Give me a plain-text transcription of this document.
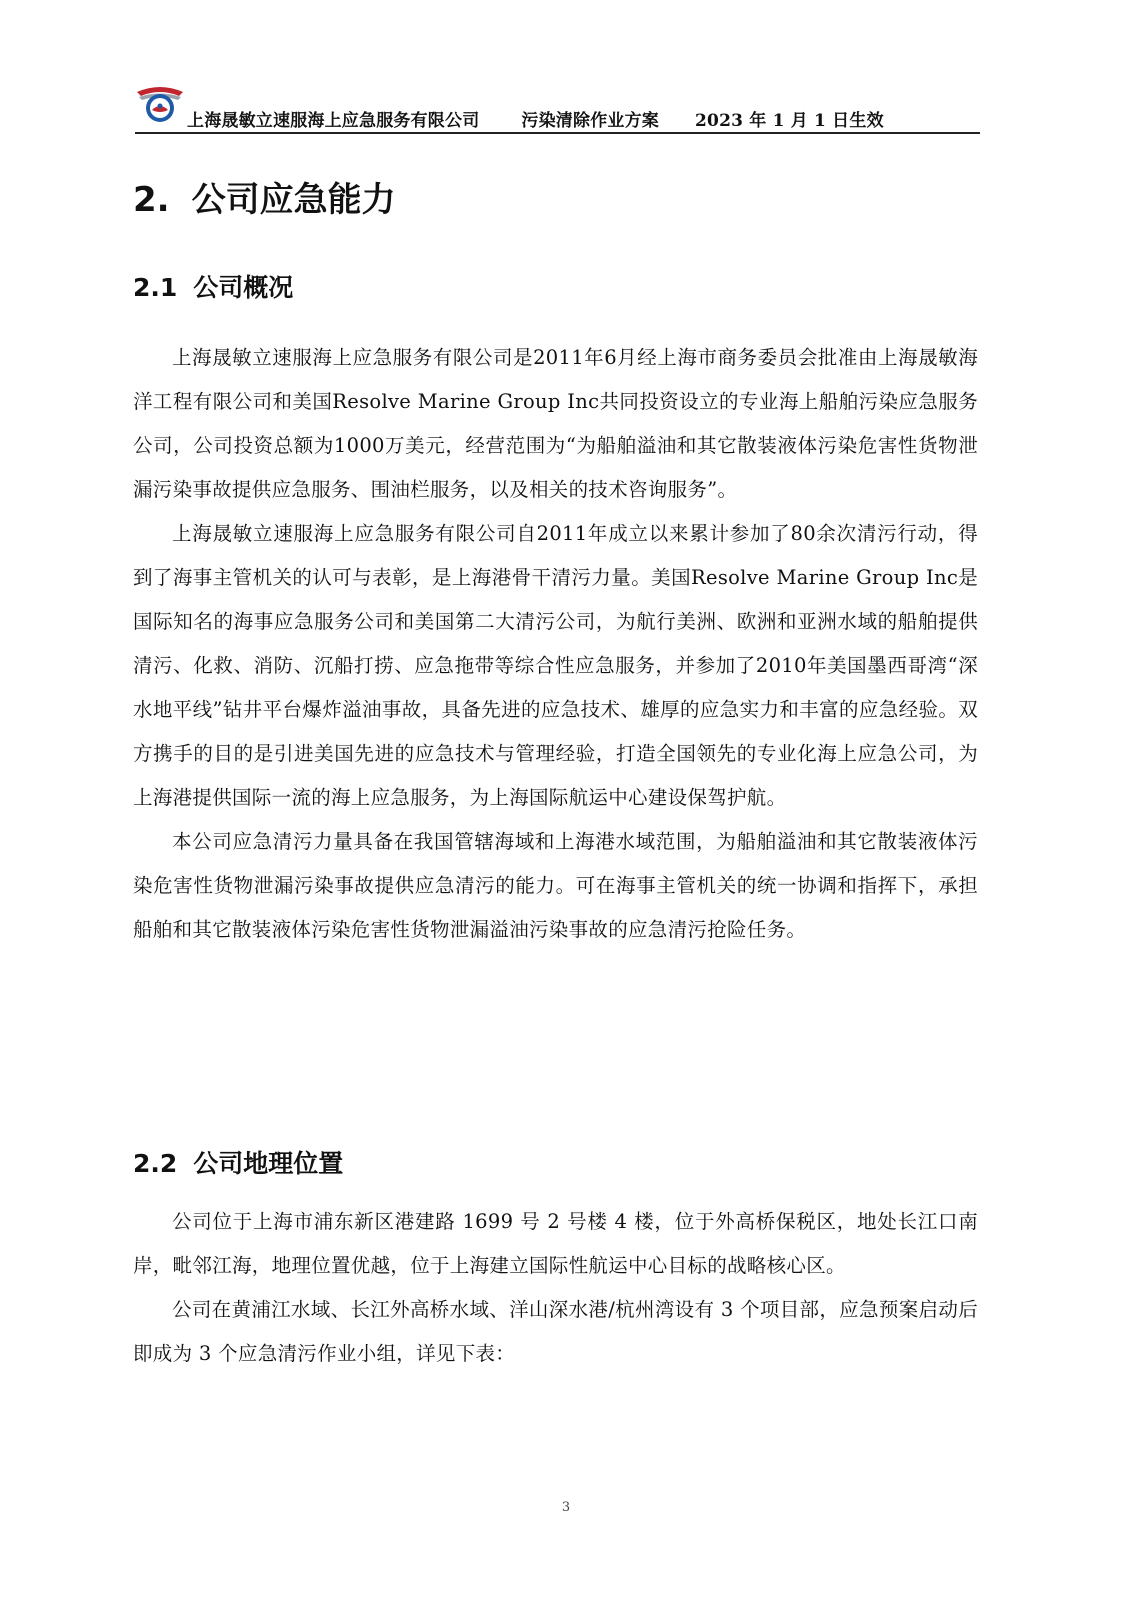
上海晟敏立速服海上应急服务有限公司 污染清除作业方案 2023 年 1 月 1 日生效
2. 公司应急能力
2.1 公司概况

上海晟敏立速服海上应急服务有限公司是2011年6月经上海市商务委员会批准由上海晟敏海洋工程有限公司和美国Resolve Marine Group Inc共同投资设立的专业海上船舶污染应急服务公司，公司投资总额为1000万美元，经营范围为“为船舶溢油和其它散装液体污染危害性货物泄漏污染事故提供应急服务、围油栏服务，以及相关的技术咨询服务”。

上海晟敏立速服海上应急服务有限公司自2011年成立以来累计参加了80余次清污行动，得到了海事主管机关的认可与表彰，是上海港骨干清污力量。美国Resolve Marine Group Inc是国际知名的海事应急服务公司和美国第二大清污公司，为航行美洲、欧洲和亚洲水域的船舶提供清污、化救、消防、沉船打捞、应急拖带等综合性应急服务，并参加了2010年美国墨西哥湾“深水地平线”钻井平台爆炸溢油事故，具备先进的应急技术、雄厚的应急实力和丰富的应急经验。双方携手的目的是引进美国先进的应急技术与管理经验，打造全国领先的专业化海上应急公司，为上海港提供国际一流的海上应急服务，为上海国际航运中心建设保驾护航。

本公司应急清污力量具备在我国管辖海域和上海港水域范围，为船舶溢油和其它散装液体污染危害性货物泄漏污染事故提供应急清污的能力。可在海事主管机关的统一协调和指挥下，承担船舶和其它散装液体污染危害性货物泄漏溢油污染事故的应急清污抢险任务。

2.2 公司地理位置

公司位于上海市浦东新区港建路 1699 号 2 号楼 4 楼，位于外高桥保税区，地处长江口南岸，毗邻江海，地理位置优越，位于上海建立国际性航运中心目标的战略核心区。

公司在黄浦江水域、长江外高桥水域、洋山深水港/杭州湾设有 3 个项目部，应急预案启动后即成为 3 个应急清污作业小组，详见下表：

3
